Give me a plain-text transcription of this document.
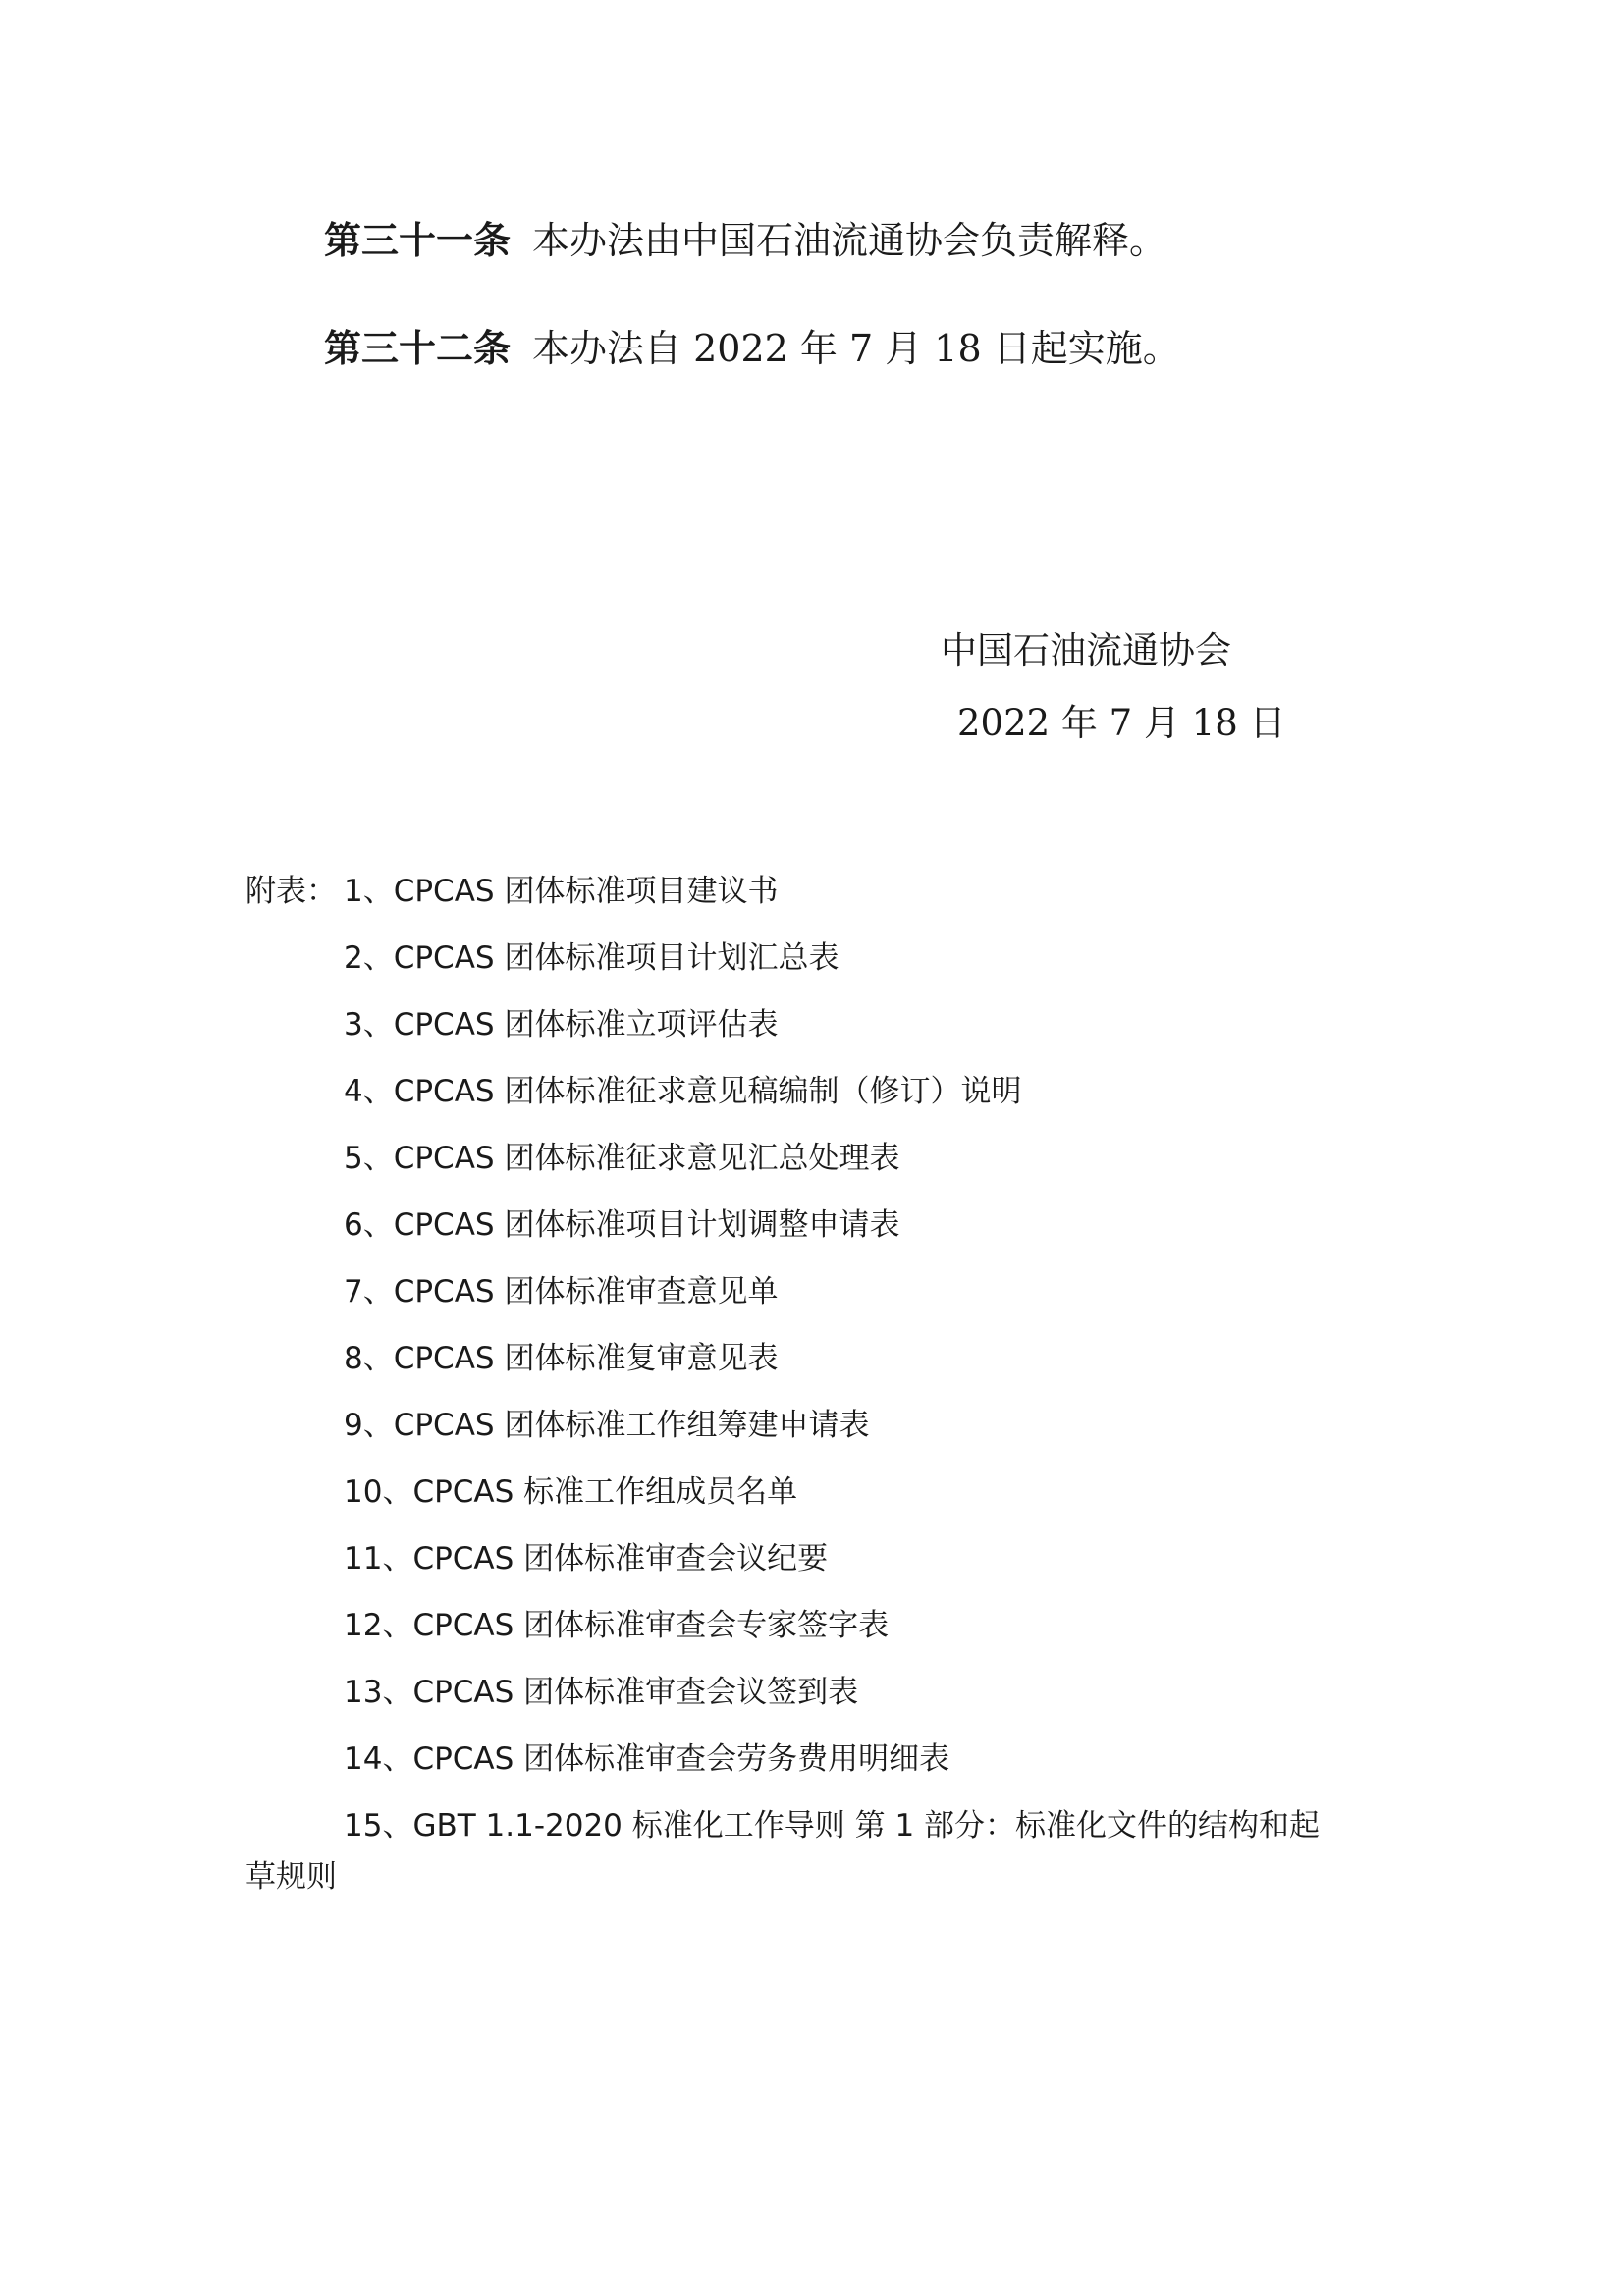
第三十一条 本办法由中国石油流通协会负责解释。
第三十二条 本办法自 2022 年 7 月 18 日起实施。
中国石油流通协会
2022 年 7 月 18 日
附表： 1、CPCAS 团体标准项目建议书
2、CPCAS 团体标准项目计划汇总表
3、CPCAS 团体标准立项评估表
4、CPCAS 团体标准征求意见稿编制（修订）说明
5、CPCAS 团体标准征求意见汇总处理表
6、CPCAS 团体标准项目计划调整申请表
7、CPCAS 团体标准审查意见单
8、CPCAS 团体标准复审意见表
9、CPCAS 团体标准工作组筹建申请表
10、CPCAS 标准工作组成员名单
11、CPCAS 团体标准审查会议纪要
12、CPCAS 团体标准审查会专家签字表
13、CPCAS 团体标准审查会议签到表
14、CPCAS 团体标准审查会劳务费用明细表
15、GBT 1.1-2020 标准化工作导则 第 1 部分：标准化文件的结构和起
草规则
